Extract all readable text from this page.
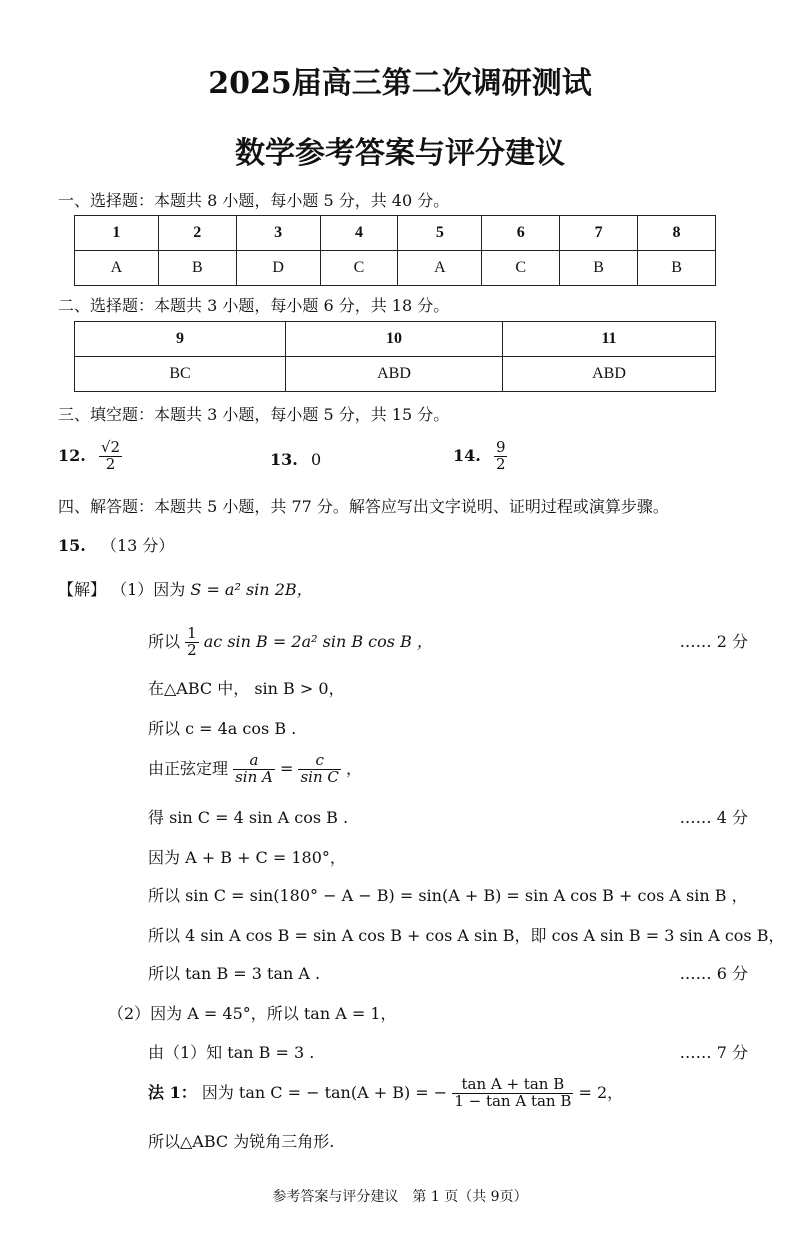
2025届高三第二次调研测试
数学参考答案与评分建议
一、选择题：本题共 8 小题，每小题 5 分，共 40 分。
1	2	3	4	5	6	7	8
A	B	D	C	A	C	B	B
二、选择题：本题共 3 小题，每小题 6 分，共 18 分。
9	10	11
BC	ABD	ABD
三、填空题：本题共 3 小题，每小题 5 分，共 15 分。
12. $\frac{√2}{2}$	13. 0	14. $\frac{9}{2}$
四、解答题：本题共 5 小题，共 77 分。解答应写出文字说明、证明过程或演算步骤。
15. （13 分）
【解】 （1）因为 S = a² sin 2B，
所以 $\frac{1}{2}$ ac sin B = 2a² sin B cos B ，	…… 2 分
在△ABC 中， sin B > 0，
所以 c = 4a cos B .
由正弦定理 $\frac{a}{\text{sin A}} = \frac{c}{\text{sin C}}$ ，
得 sin C = 4 sin A cos B .	…… 4 分
因为 A + B + C = 180°，
所以 sin C = sin(180° − A − B) = sin(A + B) = sin A cos B + cos A sin B ，
所以 4 sin A cos B = sin A cos B + cos A sin B，即 cos A sin B = 3 sin A cos B，
所以 tan B = 3 tan A .	…… 6 分
（2）因为 A = 45°，所以 tan A = 1，
由（1）知 tan B = 3 .	…… 7 分
法 1： 因为 tan C = − tan(A + B) = − $\frac{\text{tan A + tan B}}{\text{1 − tan A tan B}} = 2$，
所以△ABC 为锐角三角形.
参考答案与评分建议　第 1 页（共 9页）
